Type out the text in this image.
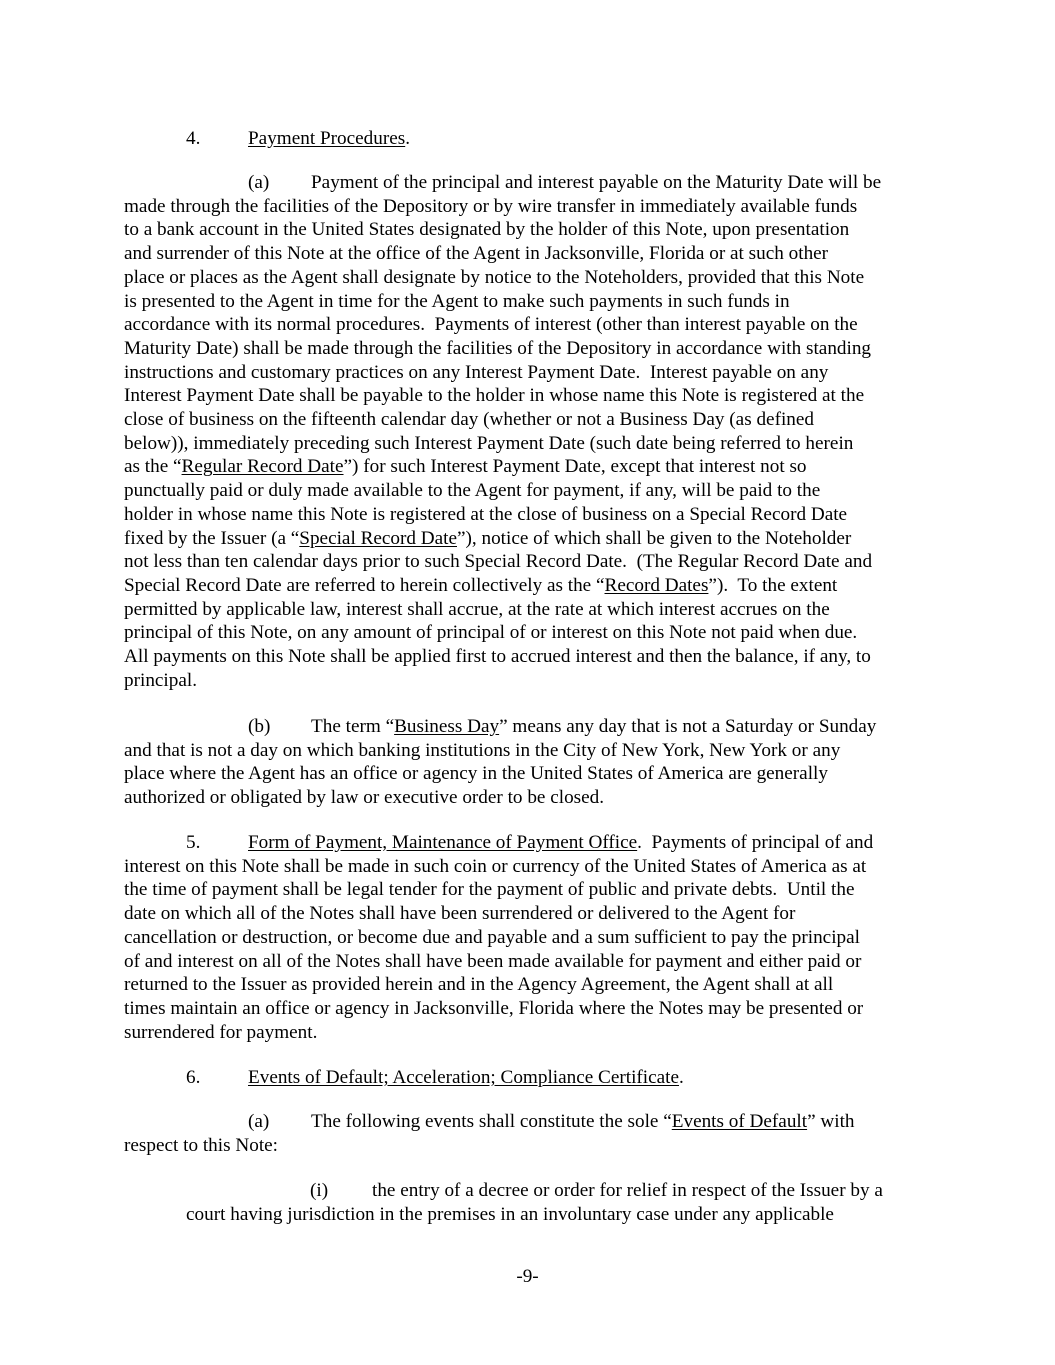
4. Payment Procedures.
(a) Payment of the principal and interest payable on the Maturity Date will be
made through the facilities of the Depository or by wire transfer in immediately available funds
to a bank account in the United States designated by the holder of this Note, upon presentation
and surrender of this Note at the office of the Agent in Jacksonville, Florida or at such other
place or places as the Agent shall designate by notice to the Noteholders, provided that this Note
is presented to the Agent in time for the Agent to make such payments in such funds in
accordance with its normal procedures.  Payments of interest (other than interest payable on the
Maturity Date) shall be made through the facilities of the Depository in accordance with standing
instructions and customary practices on any Interest Payment Date.  Interest payable on any
Interest Payment Date shall be payable to the holder in whose name this Note is registered at the
close of business on the fifteenth calendar day (whether or not a Business Day (as defined
below)), immediately preceding such Interest Payment Date (such date being referred to herein
as the “Regular Record Date”) for such Interest Payment Date, except that interest not so
punctually paid or duly made available to the Agent for payment, if any, will be paid to the
holder in whose name this Note is registered at the close of business on a Special Record Date
fixed by the Issuer (a “Special Record Date”), notice of which shall be given to the Noteholder
not less than ten calendar days prior to such Special Record Date.  (The Regular Record Date and
Special Record Date are referred to herein collectively as the “Record Dates”).  To the extent
permitted by applicable law, interest shall accrue, at the rate at which interest accrues on the
principal of this Note, on any amount of principal of or interest on this Note not paid when due.
All payments on this Note shall be applied first to accrued interest and then the balance, if any, to
principal.
(b) The term “Business Day” means any day that is not a Saturday or Sunday
and that is not a day on which banking institutions in the City of New York, New York or any
place where the Agent has an office or agency in the United States of America are generally
authorized or obligated by law or executive order to be closed.
5. Form of Payment, Maintenance of Payment Office.  Payments of principal of and
interest on this Note shall be made in such coin or currency of the United States of America as at
the time of payment shall be legal tender for the payment of public and private debts.  Until the
date on which all of the Notes shall have been surrendered or delivered to the Agent for
cancellation or destruction, or become due and payable and a sum sufficient to pay the principal
of and interest on all of the Notes shall have been made available for payment and either paid or
returned to the Issuer as provided herein and in the Agency Agreement, the Agent shall at all
times maintain an office or agency in Jacksonville, Florida where the Notes may be presented or
surrendered for payment.
6. Events of Default; Acceleration; Compliance Certificate.
(a) The following events shall constitute the sole “Events of Default” with
respect to this Note:
(i) the entry of a decree or order for relief in respect of the Issuer by a
court having jurisdiction in the premises in an involuntary case under any applicable
-9-
